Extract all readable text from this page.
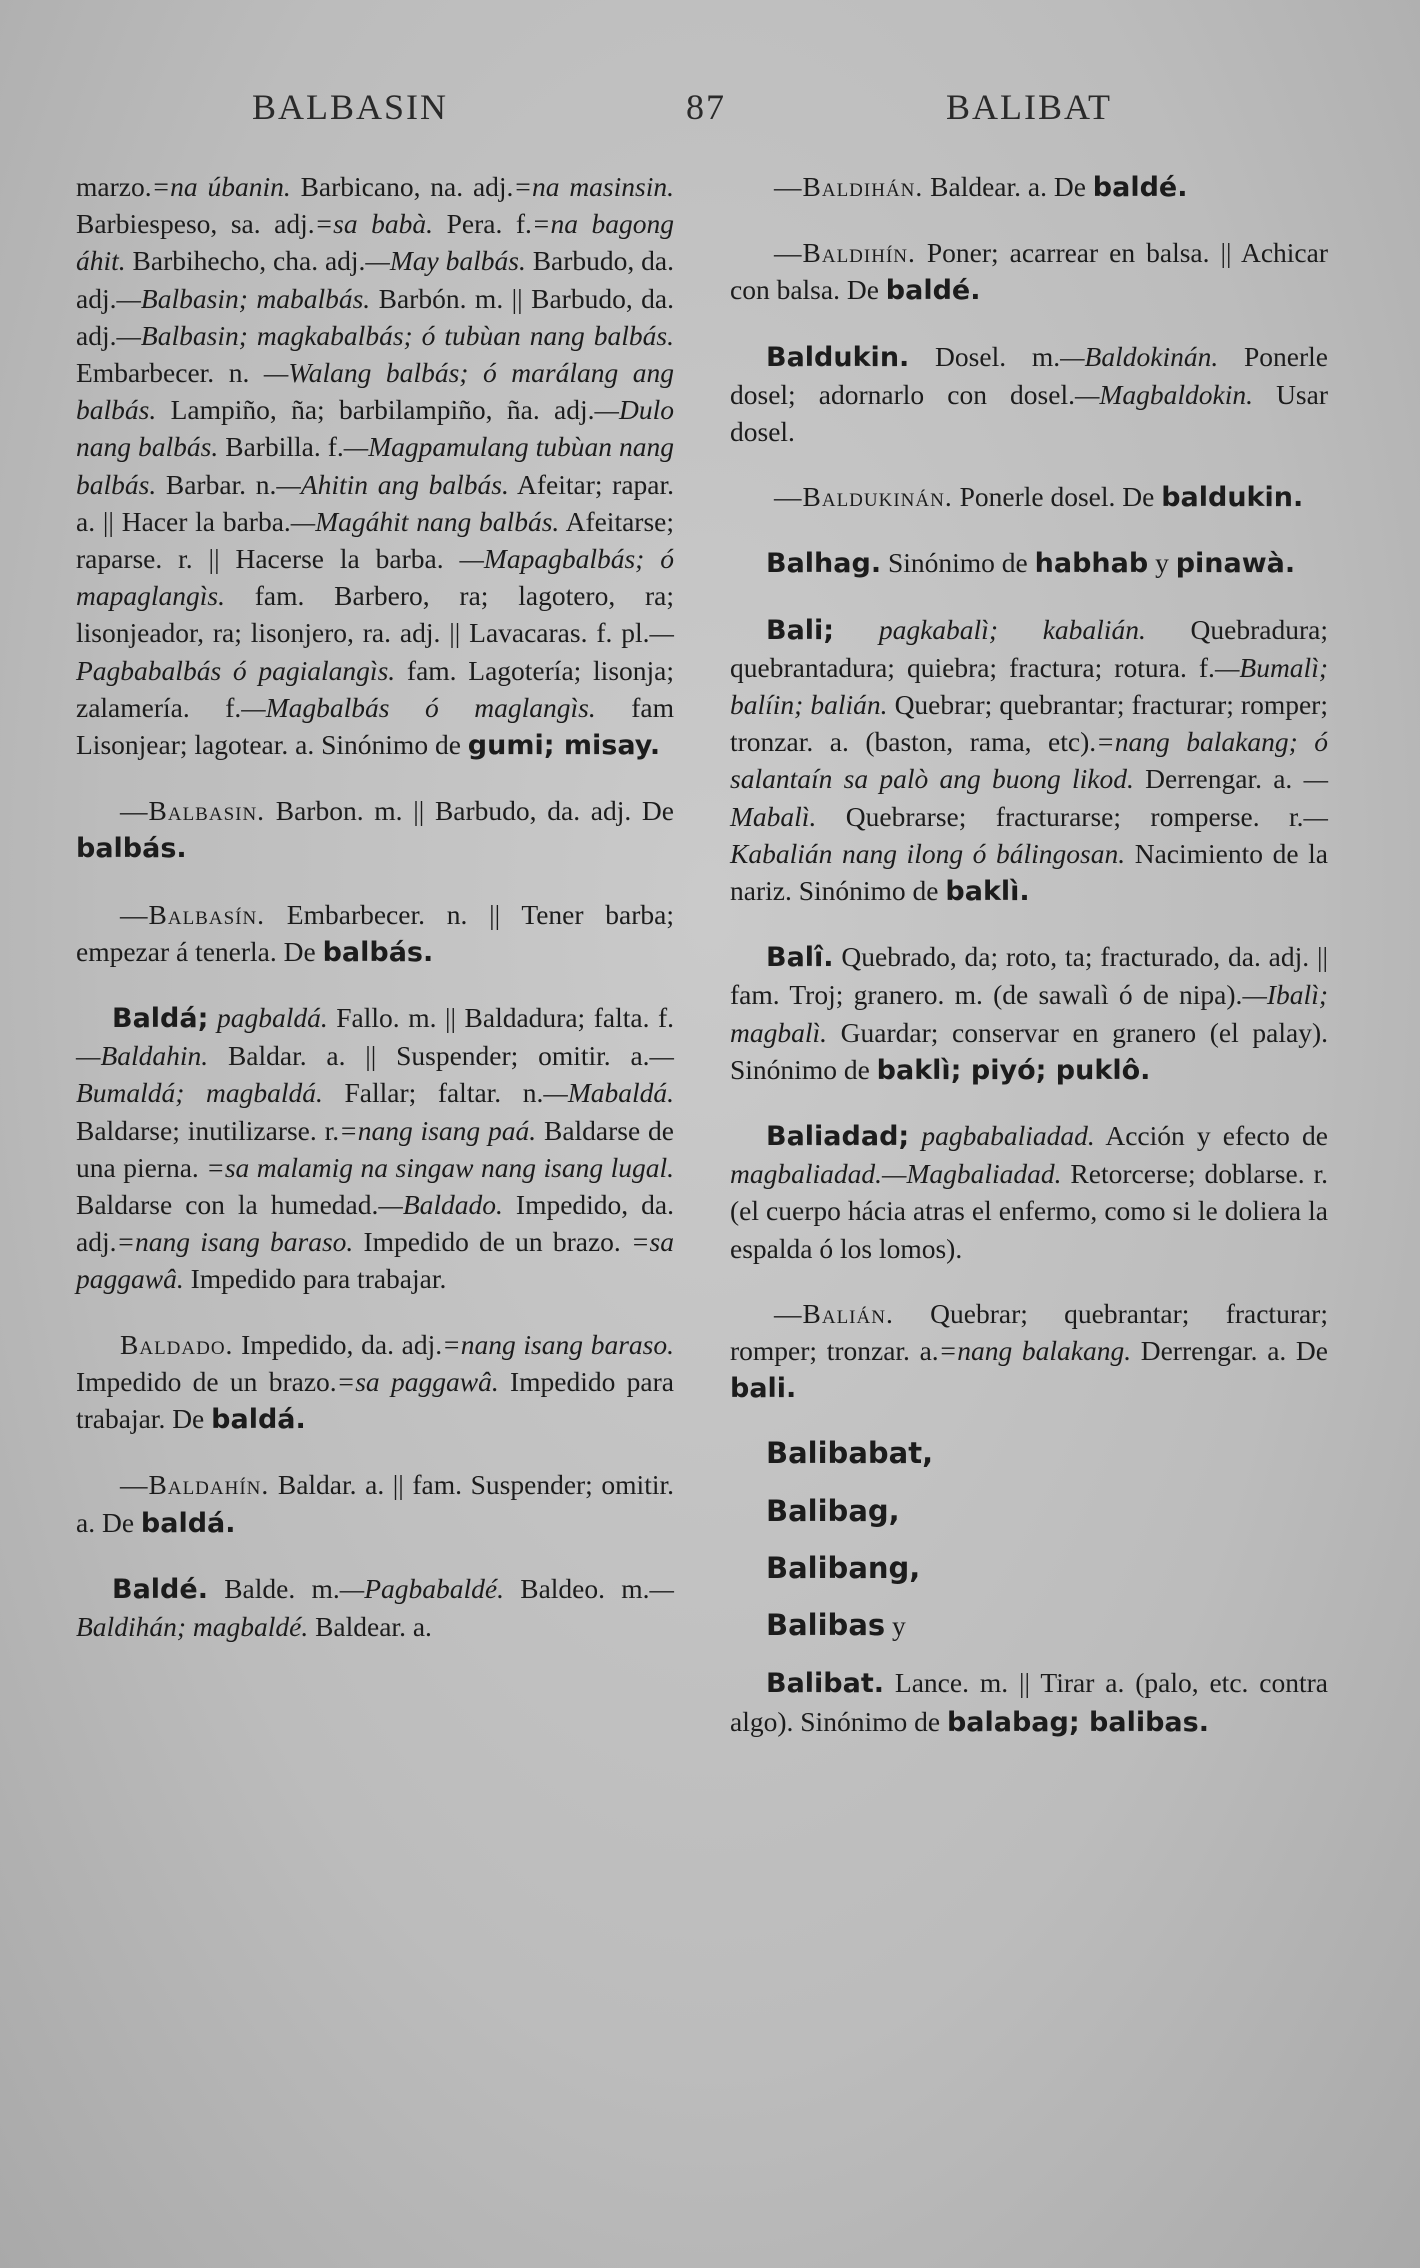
BALBASIN	87	BALIBAT

marzo.=na úbanin. Barbicano, na. adj.=na masinsin. Barbiespeso, sa. adj.=sa babà. Pera. f.=na bagong áhit. Barbihecho, cha. adj.—May balbás. Barbudo, da. adj.—Balbasin; mabalbás. Barbón. m. || Barbudo, da. adj.—Balbasin; magkabalbás; ó tubùan nang balbás. Embarbecer. n. —Walang balbás; ó marálang ang balbás. Lampiño, ña; barbilampiño, ña. adj.—Dulo nang balbás. Barbilla. f.—Magpamulang tubùan nang balbás. Barbar. n.—Ahitin ang balbás. Afeitar; rapar. a. || Hacer la barba.—Magáhit nang balbás. Afeitarse; raparse. r. || Hacerse la barba. —Mapagbalbás; ó mapaglangìs. fam. Barbero, ra; lagotero, ra; lisonjeador, ra; lisonjero, ra. adj. || Lavacaras. f. pl.—Pagbabalbás ó pagialangìs. fam. Lagotería; lisonja; zalamería. f.—Magbalbás ó maglangìs. fam Lisonjear; lagotear. a. Sinónimo de gumi; misay.

—Balbasin. Barbon. m. || Barbudo, da. adj. De balbás.

—Balbasín. Embarbecer. n. || Tener barba; empezar á tenerla. De balbás.

Baldá; pagbaldá. Fallo. m. || Baldadura; falta. f.—Baldahin. Baldar. a. || Suspender; omitir. a.—Bumaldá; magbaldá. Fallar; faltar. n.—Mabaldá. Baldarse; inutilizarse. r.=nang isang paá. Baldarse de una pierna. =sa malamig na singaw nang isang lugal. Baldarse con la humedad.—Baldado. Impedido, da. adj.=nang isang baraso. Impedido de un brazo. =sa paggawâ. Impedido para trabajar.

Baldado. Impedido, da. adj.=nang isang baraso. Impedido de un brazo.=sa paggawâ. Impedido para trabajar. De baldá.

—Baldahín. Baldar. a. || fam. Suspender; omitir. a. De baldá.

Baldé. Balde. m.—Pagbabaldé. Baldeo. m.—Baldihán; magbaldé. Baldear. a.

—Baldihán. Baldear. a. De baldé.

—Baldihín. Poner; acarrear en balsa. || Achicar con balsa. De baldé.

Baldukin. Dosel. m.—Baldokinán. Ponerle dosel; adornarlo con dosel.—Magbaldokin. Usar dosel.

—Baldukinán. Ponerle dosel. De baldukin.

Balhag. Sinónimo de habhab y pinawà.

Bali; pagkabalì; kabalián. Quebradura; quebrantadura; quiebra; fractura; rotura. f.—Bumalì; balíin; balián. Quebrar; quebrantar; fracturar; romper; tronzar. a. (baston, rama, etc).=nang balakang; ó salantaín sa palò ang buong likod. Derrengar. a. —Mabalì. Quebrarse; fracturarse; romperse. r.—Kabalián nang ilong ó bálingosan. Nacimiento de la nariz. Sinónimo de baklì.

Balî. Quebrado, da; roto, ta; fracturado, da. adj. || fam. Troj; granero. m. (de sawalì ó de nipa).—Ibalì; magbalì. Guardar; conservar en granero (el palay). Sinónimo de baklì; piyó; puklô.

Baliadad; pagbabaliadad. Acción y efecto de magbaliadad.—Magbaliadad. Retorcerse; doblarse. r. (el cuerpo hácia atras el enfermo, como si le doliera la espalda ó los lomos).

—Balián. Quebrar; quebrantar; fracturar; romper; tronzar. a.=nang balakang. Derrengar. a. De bali.

Balibabat,
Balibag,
Balibang,
Balibas y

Balibat. Lance. m. || Tirar a. (palo, etc. contra algo). Sinónimo de balabag; balibas.
